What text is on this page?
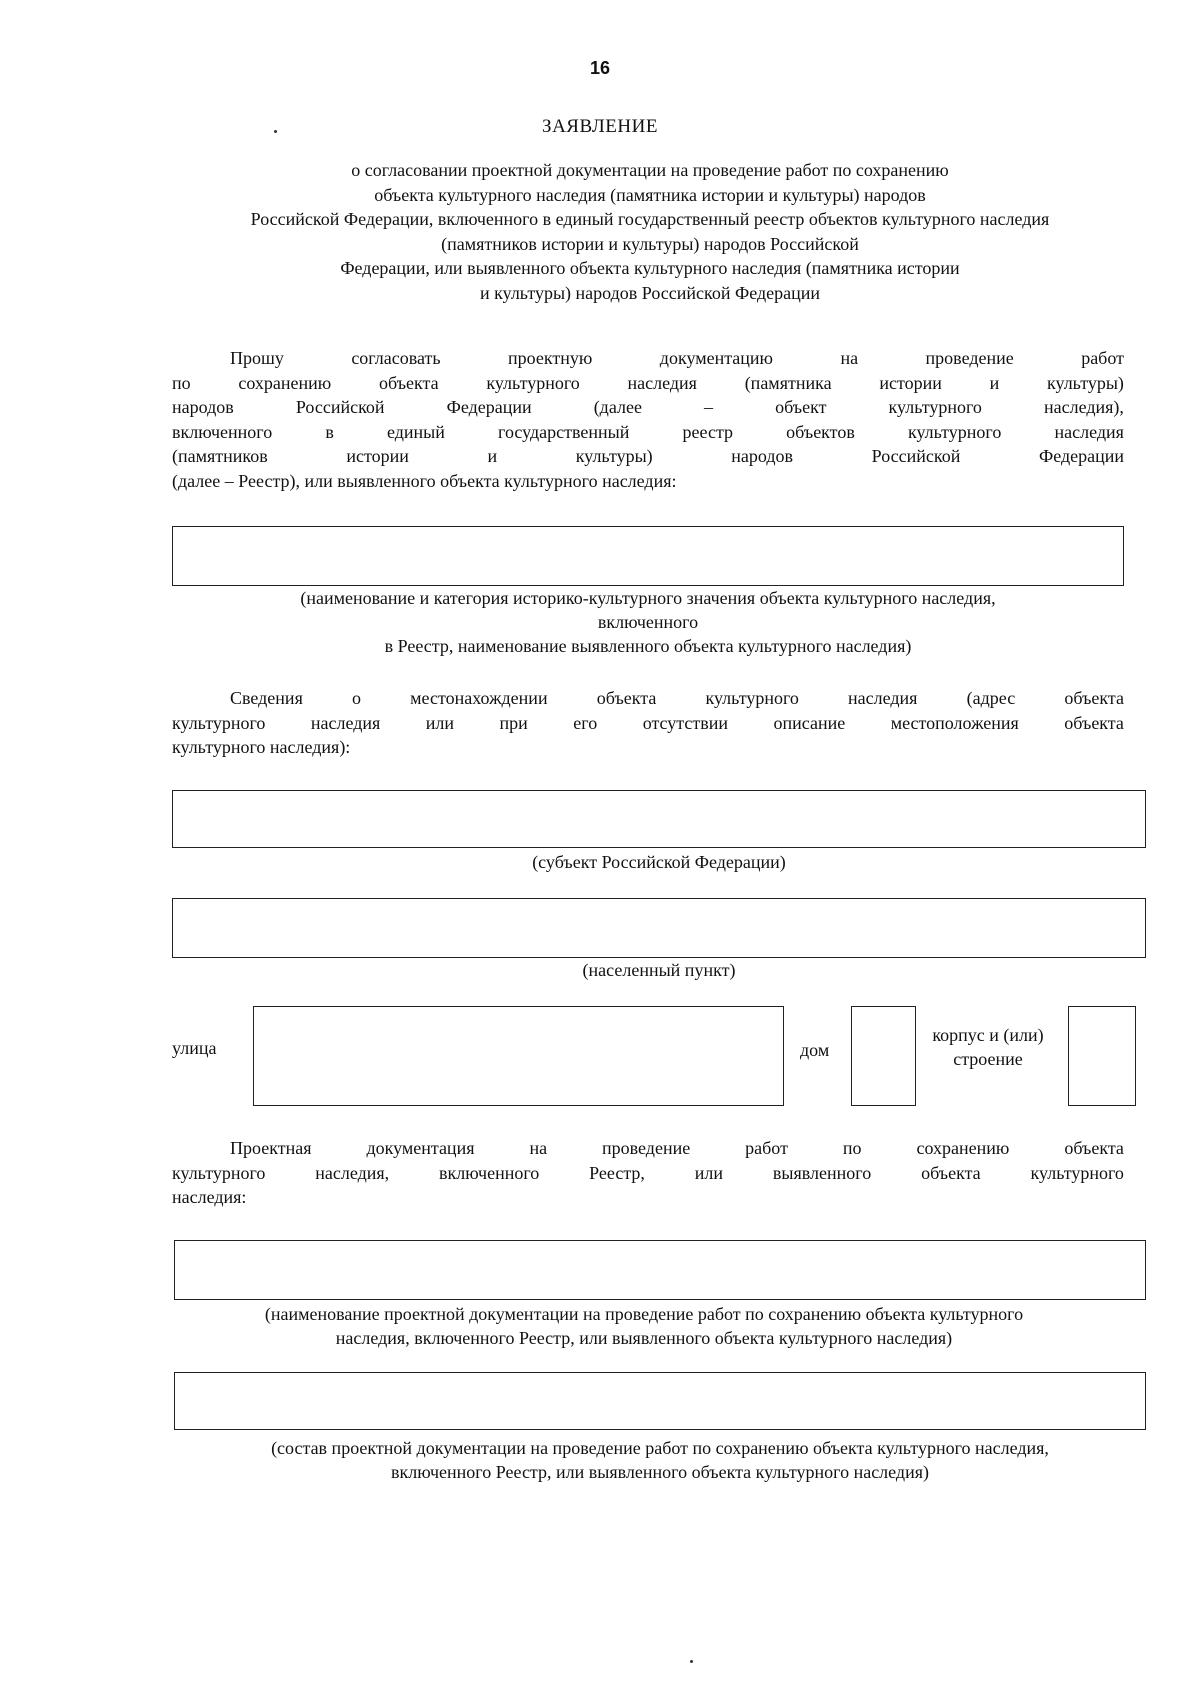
16
ЗАЯВЛЕНИЕ
о согласовании проектной документации на проведение работ по сохранению
объекта культурного наследия (памятника истории и культуры) народов
Российской Федерации, включенного в единый государственный реестр объектов культурного наследия
(памятников истории и культуры) народов Российской
Федерации, или выявленного объекта культурного наследия (памятника истории
и культуры) народов Российской Федерации
Прошу	согласовать	проектную	документацию	на	проведение	работ
по	сохранению	объекта	культурного	наследия	(памятника	истории	и	культуры)
народов	Российской	Федерации	(далее	–	объект	культурного	наследия),
включенного	в	единый	государственный	реестр	объектов	культурного	наследия
(памятников	истории	и	культуры)	народов	Российской	Федерации
(далее – Реестр), или выявленного объекта культурного наследия:
(наименование и категория историко-культурного значения объекта культурного наследия,
включенного
в Реестр, наименование выявленного объекта культурного наследия)
Сведения	о	местонахождении	объекта	культурного	наследия	(адрес	объекта
культурного	наследия	или	при	его	отсутствии	описание	местоположения	объекта
культурного наследия):
(субъект Российской Федерации)
(населенный пункт)
улица	дом
корпус и (или)
строение
Проектная	документация	на	проведение	работ	по	сохранению	объекта
культурного	наследия,	включенного	Реестр,	или	выявленного	объекта	культурного
наследия:
(наименование проектной документации на проведение работ по сохранению объекта культурного
наследия, включенного Реестр, или выявленного объекта культурного наследия)
(состав проектной документации на проведение работ по сохранению объекта культурного наследия,
включенного Реестр, или выявленного объекта культурного наследия)
